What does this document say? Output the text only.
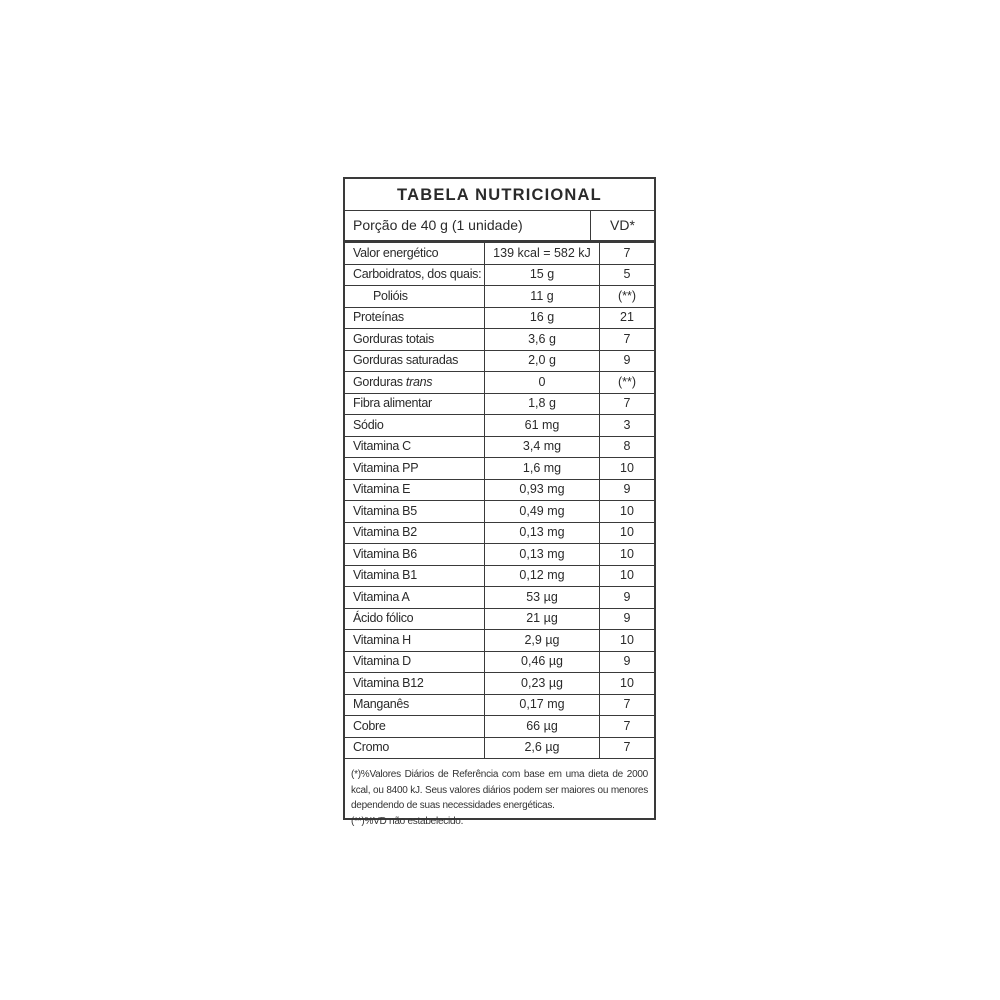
TABELA NUTRICIONAL
Porção de 40 g (1 unidade)	VD*
Valor energético	139 kcal = 582 kJ	7
Carboidratos, dos quais:	15 g	5
Polióis	11 g	(**)
Proteínas	16 g	21
Gorduras totais	3,6 g	7
Gorduras saturadas	2,0 g	9
Gorduras trans	0	(**)
Fibra alimentar	1,8 g	7
Sódio	61 mg	3
Vitamina C	3,4 mg	8
Vitamina PP	1,6 mg	10
Vitamina E	0,93 mg	9
Vitamina B5	0,49 mg	10
Vitamina B2	0,13 mg	10
Vitamina B6	0,13 mg	10
Vitamina B1	0,12 mg	10
Vitamina A	53 µg	9
Ácido fólico	21 µg	9
Vitamina H	2,9 µg	10
Vitamina D	0,46 µg	9
Vitamina B12	0,23 µg	10
Manganês	0,17 mg	7
Cobre	66 µg	7
Cromo	2,6 µg	7

(*)%Valores Diários de Referência com base em uma dieta de 2000 kcal, ou 8400 kJ. Seus valores diários podem ser maiores ou menores dependendo de suas necessidades energéticas.

(**)%VD não estabelecido.
